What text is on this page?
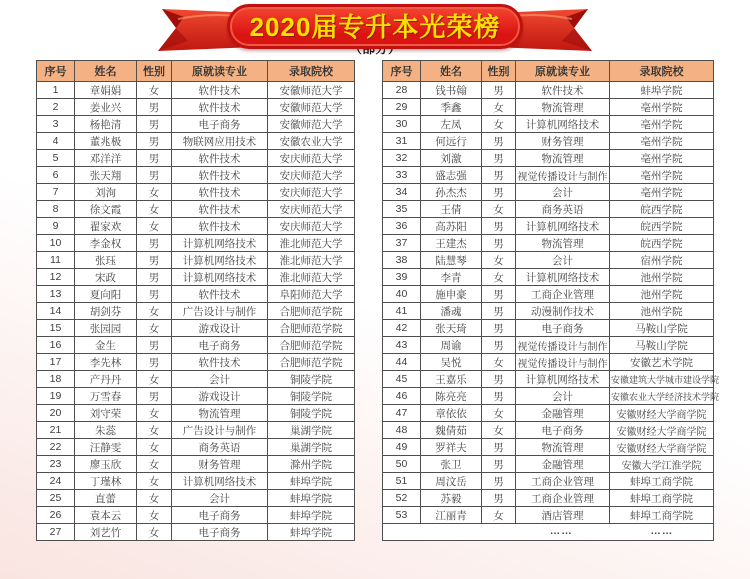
2020届专升本光荣榜
序号	姓名	性别	原就读专业	录取院校
1	章娟娟	女	软件技术	安徽师范大学
2	姜业兴	男	软件技术	安徽师范大学
3	杨艳清	男	电子商务	安徽师范大学
4	董兆极	男	物联网应用技术	安徽农业大学
5	邓洋洋	男	软件技术	安庆师范大学
6	张天翔	男	软件技术	安庆师范大学
7	刘洵	女	软件技术	安庆师范大学
8	徐文霞	女	软件技术	安庆师范大学
9	翟家欢	女	软件技术	安庆师范大学
10	李金权	男	计算机网络技术	淮北师范大学
11	张珏	男	计算机网络技术	淮北师范大学
12	宋政	男	计算机网络技术	淮北师范大学
13	夏向阳	男	软件技术	阜阳师范大学
14	胡剑芬	女	广告设计与制作	合肥师范学院
15	张园园	女	游戏设计	合肥师范学院
16	金生	男	电子商务	合肥师范学院
17	李先林	男	软件技术	合肥师范学院
18	产丹丹	女	会计	铜陵学院
19	万雪春	男	游戏设计	铜陵学院
20	刘守荣	女	物流管理	铜陵学院
21	朱蕊	女	广告设计与制作	巢湖学院
22	汪静雯	女	商务英语	巢湖学院
23	廖玉欣	女	财务管理	滁州学院
24	丁瑾林	女	计算机网络技术	蚌埠学院
25	直蕾	女	会计	蚌埠学院
26	袁本云	女	电子商务	蚌埠学院
27	刘艺竹	女	电子商务	蚌埠学院
序号	姓名	性别	原就读专业	录取院校
28	钱书翰	男	软件技术	蚌埠学院
29	季鑫	女	物流管理	亳州学院
30	左凤	女	计算机网络技术	亳州学院
31	何远行	男	财务管理	亳州学院
32	刘激	男	物流管理	亳州学院
33	盛志强	男	视觉传播设计与制作	亳州学院
34	孙杰杰	男	会计	亳州学院
35	王倩	女	商务英语	皖西学院
36	高苏阳	男	计算机网络技术	皖西学院
37	王建杰	男	物流管理	皖西学院
38	陆慧琴	女	会计	宿州学院
39	李青	女	计算机网络技术	池州学院
40	施申豪	男	工商企业管理	池州学院
41	潘魂	男	动漫制作技术	池州学院
42	张天琦	男	电子商务	马鞍山学院
43	周谕	男	视觉传播设计与制作	马鞍山学院
44	吴悦	女	视觉传播设计与制作	安徽艺术学院
45	王嘉乐	男	计算机网络技术	安徽建筑大学城市建设学院
46	陈亮亮	男	会计	安徽农业大学经济技术学院
47	章依依	女	金融管理	安徽财经大学商学院
48	魏倩茹	女	电子商务	安徽财经大学商学院
49	罗祥夫	男	物流管理	安徽财经大学商学院
50	张卫	男	金融管理	安徽大学江淮学院
51	周汶岳	男	工商企业管理	蚌埠工商学院
52	苏毅	男	工商企业管理	蚌埠工商学院
53	江丽青	女	酒店管理	蚌埠工商学院

…… ……				
